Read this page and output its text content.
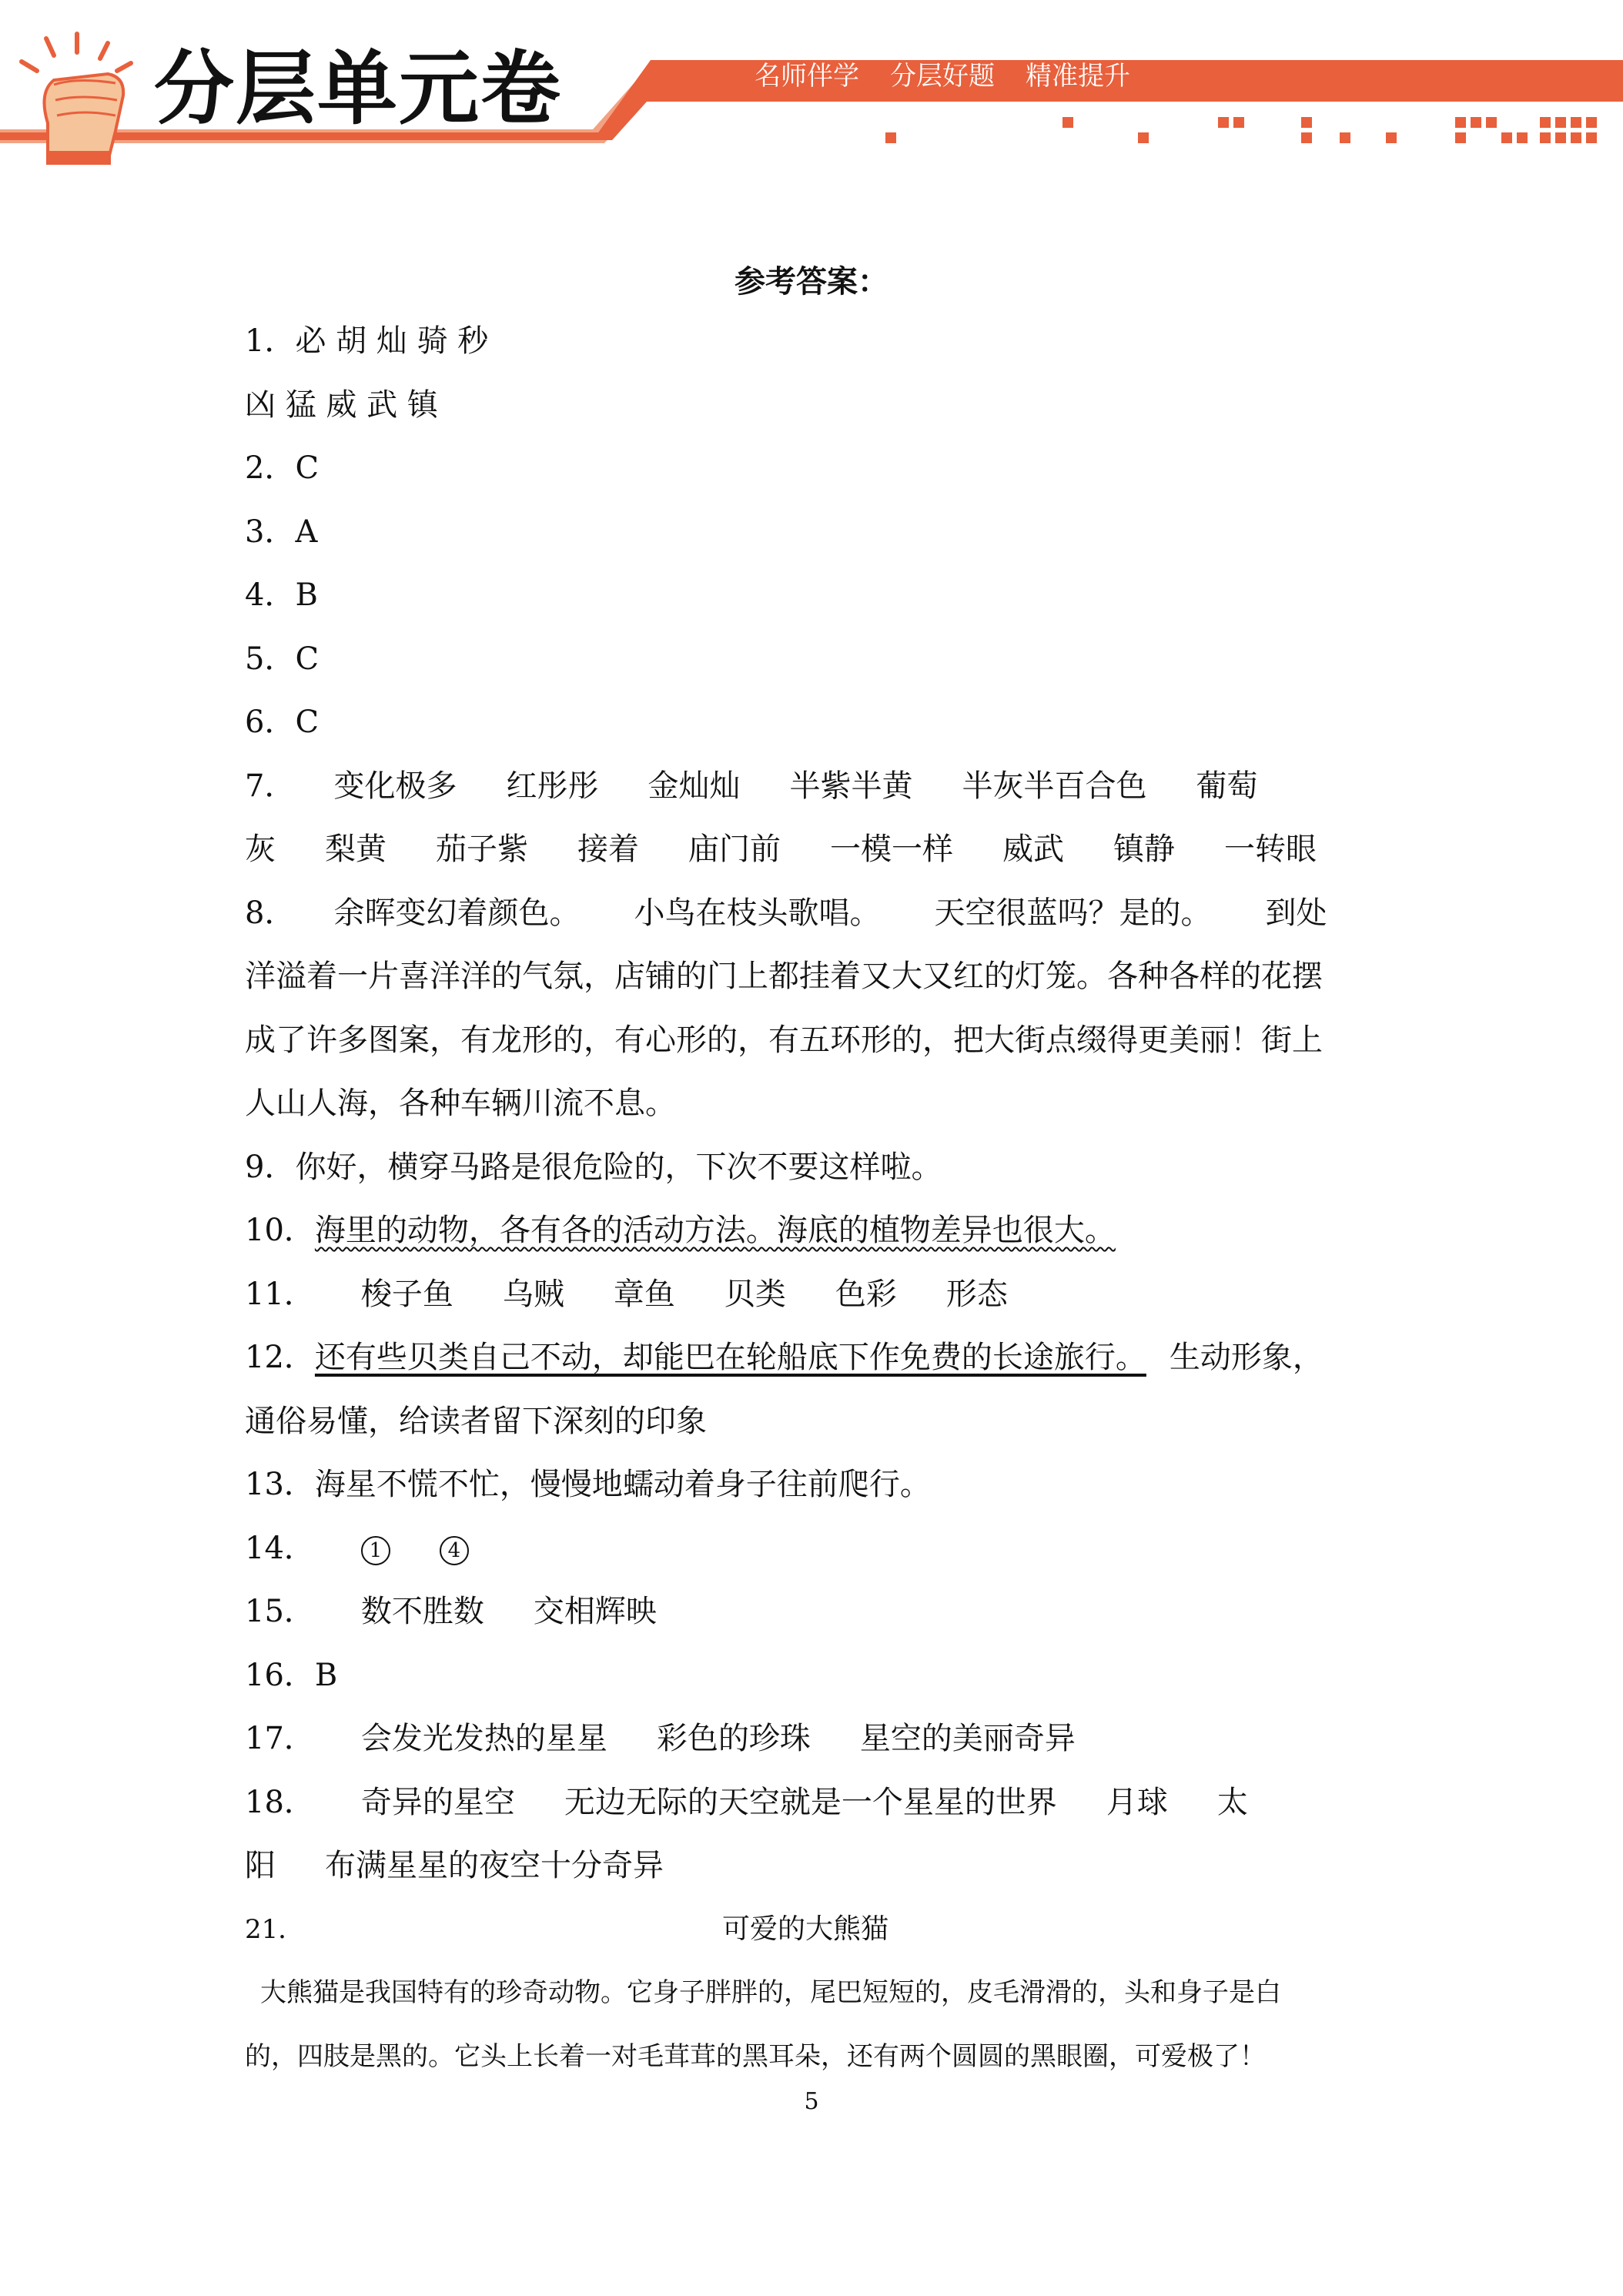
分层单元卷	名师伴学 分层好题 精准提升
参考答案：
1．必 胡 灿 骑 秒
凶 猛 威 武 镇
2．C
3．A
4．B
5．C
6．C
7． 变化极多 红彤彤 金灿灿 半紫半黄 半灰半百合色 葡萄
灰 梨黄 茄子紫 接着 庙门前 一模一样 威武 镇静 一转眼
8． 余晖变幻着颜色。 小鸟在枝头歌唱。 天空很蓝吗？是的。 到处
洋溢着一片喜洋洋的气氛，店铺的门上都挂着又大又红的灯笼。各种各样的花摆
成了许多图案，有龙形的，有心形的，有五环形的，把大街点缀得更美丽！街上
人山人海，各种车辆川流不息。
9．你好，横穿马路是很危险的，下次不要这样啦。
10．海里的动物，各有各的活动方法。海底的植物差异也很大。
11． 梭子鱼 乌贼 章鱼 贝类 色彩 形态
12．还有些贝类自己不动，却能巴在轮船底下作免费的长途旅行。 生动形象，
通俗易懂，给读者留下深刻的印象
13．海星不慌不忙，慢慢地蠕动着身子往前爬行。
14．	1	4
15． 数不胜数 交相辉映
16．B
17． 会发光发热的星星 彩色的珍珠 星空的美丽奇异
18． 奇异的星空 无边无际的天空就是一个星星的世界 月球 太
阳 布满星星的夜空十分奇异
21．	可爱的大熊猫
大熊猫是我国特有的珍奇动物。它身子胖胖的，尾巴短短的，皮毛滑滑的，头和身子是白
的，四肢是黑的。它头上长着一对毛茸茸的黑耳朵，还有两个圆圆的黑眼圈，可爱极了！
5
